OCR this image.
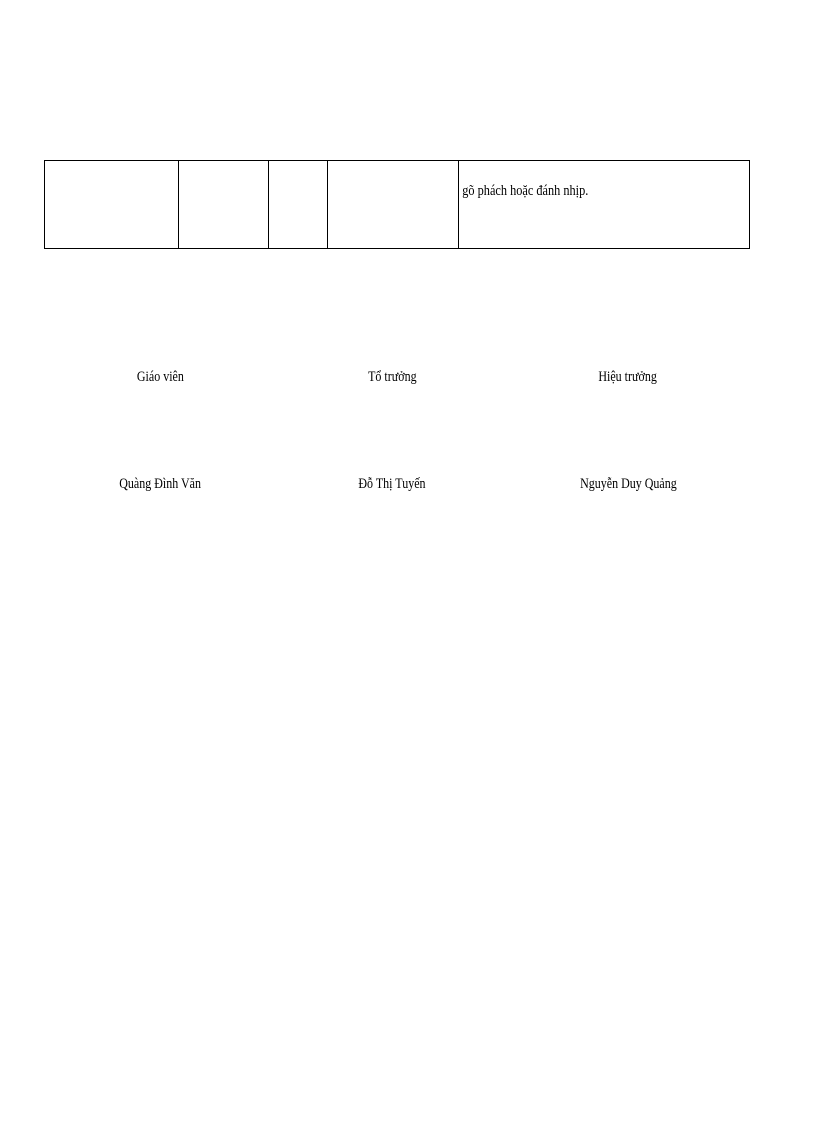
gõ phách hoặc đánh nhịp.
Giáo viên	Tổ trưởng	Hiệu trưởng
Quàng Đình Văn	Đỗ Thị Tuyến	Nguyễn Duy Quảng
